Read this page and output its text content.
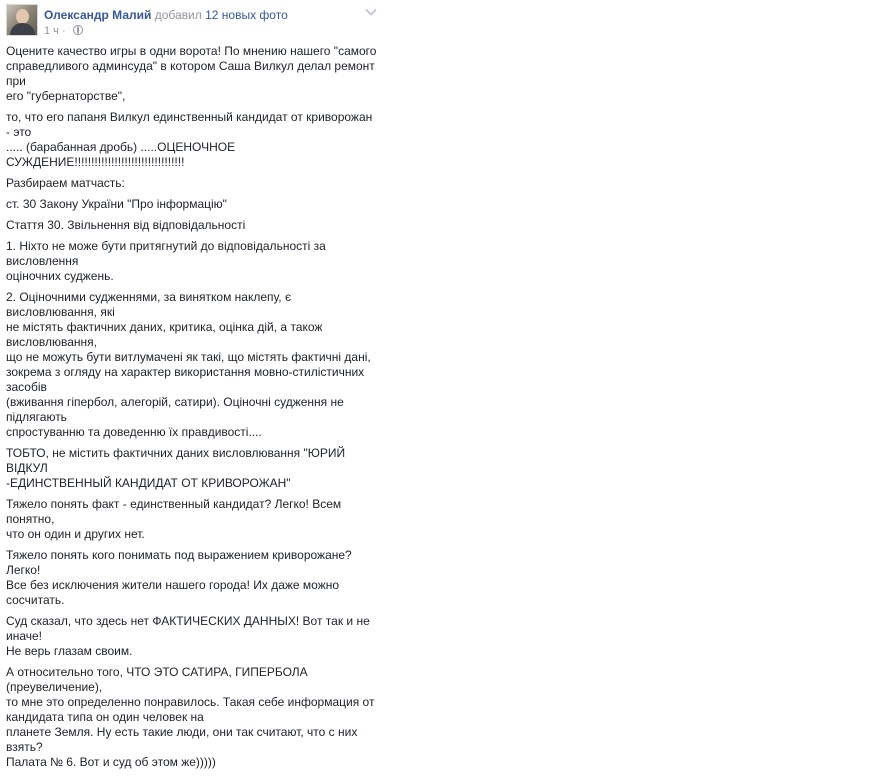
Олександр Малий добавил 12 новых фото
1 ч ·

Оцените качество игры в одни ворота! По мнению нашего "самого
справедливого админсуда" в котором Саша Вилкул делал ремонт при
его "губернаторстве",

то, что его папаня Вилкул единственный кандидат от криворожан - это
..... (барабанная дробь) .....ОЦЕНОЧНОЕ
СУЖДЕНИЕ!!!!!!!!!!!!!!!!!!!!!!!!!!!!!!!!!

Разбираем матчасть:

ст. 30 Закону України "Про інформацію"

Стаття 30. Звільнення від відповідальності

1. Ніхто не може бути притягнутий до відповідальності за висловлення
оціночних суджень.

2. Оціночними судженнями, за винятком наклепу, є висловлювання, які
не містять фактичних даних, критика, оцінка дій, а також висловлювання,
що не можуть бути витлумачені як такі, що містять фактичні дані,
зокрема з огляду на характер використання мовно-стилістичних засобів
(вживання гіпербол, алегорій, сатири). Оціночні судження не підлягають
спростуванню та доведенню їх правдивості....

ТОБТО, не містить фактичних даних висловлювання "ЮРИЙ ВІДКУЛ
-ЕДИНСТВЕННЫЙ КАНДИДАТ ОТ КРИВОРОЖАН"

Тяжело понять факт - единственный кандидат? Легко! Всем понятно,
что он один и других нет.

Тяжело понять кого понимать под выражением криворожане? Легко!
Все без исключения жители нашего города! Их даже можно сосчитать.

Суд сказал, что здесь нет ФАКТИЧЕСКИХ ДАННЫХ! Вот так и не иначе!
Не верь глазам своим.

А относительно того, ЧТО ЭТО САТИРА, ГИПЕРБОЛА (преувеличение),
то мне это определенно понравилось. Такая себе информация от
кандидата типа он один человек на
планете Земля. Ну есть такие люди, они так считают, что с них взять?
Палата № 6. Вот и суд об этом же)))))
